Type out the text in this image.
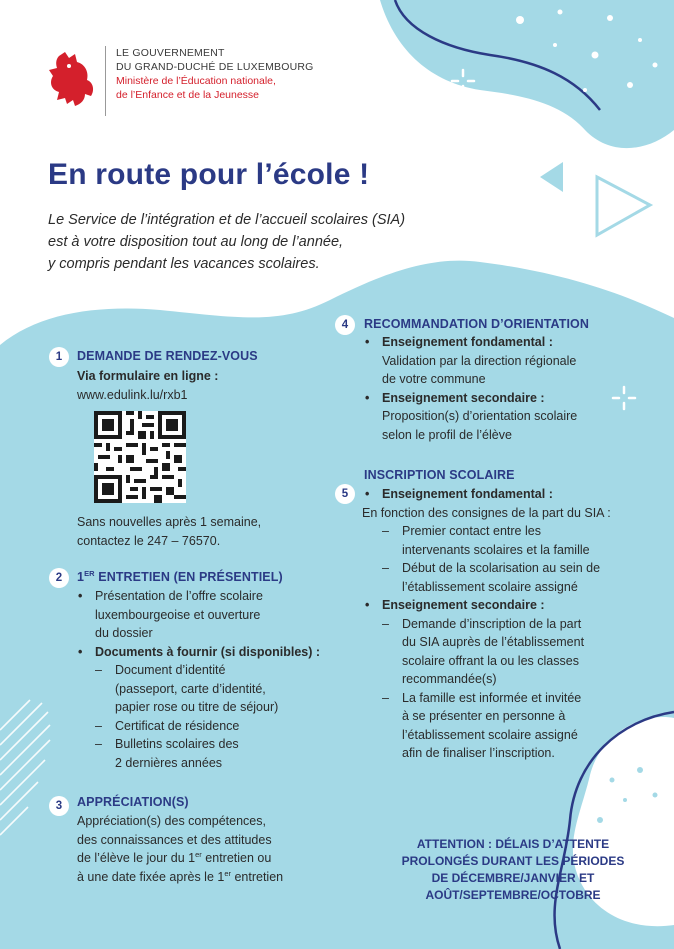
LE GOUVERNEMENT
DU GRAND-DUCHÉ DE LUXEMBOURG
Ministère de l’Éducation nationale,
de l’Enfance et de la Jeunesse
En route pour l’école !
Le Service de l’intégration et de l’accueil scolaires (SIA)
est à votre disposition tout au long de l’année,
y compris pendant les vacances scolaires.
1	DEMANDE DE RENDEZ-VOUS
Via formulaire en ligne :
www.edulink.lu/rxb1
Sans nouvelles après 1 semaine,
contactez le 247 – 76570.
2	1ER ENTRETIEN (EN PRÉSENTIEL)
• Présentation de l’offre scolaire
luxembourgeoise et ouverture
du dossier
• Documents à fournir (si disponibles) :
– Document d’identité
(passeport, carte d’identité,
papier rose ou titre de séjour)
– Certificat de résidence
– Bulletins scolaires des
2 dernières années
3	APPRÉCIATION(S)
Appréciation(s) des compétences,
des connaissances et des attitudes
de l’élève le jour du 1er entretien ou
à une date fixée après le 1er entretien
4	RECOMMANDATION D’ORIENTATION
• Enseignement fondamental :
Validation par la direction régionale
de votre commune
• Enseignement secondaire :
Proposition(s) d’orientation scolaire
selon le profil de l’élève
INSCRIPTION SCOLAIRE
5
•	Enseignement fondamental :
En fonction des consignes de la part du SIA :
– Premier contact entre les
intervenants scolaires et la famille
– Début de la scolarisation au sein de
l’établissement scolaire assigné
• Enseignement secondaire :
– Demande d’inscription de la part
du SIA auprès de l’établissement
scolaire offrant la ou les classes
recommandée(s)
– La famille est informée et invitée
à se présenter en personne à
l’établissement scolaire assigné
afin de finaliser l’inscription.
ATTENTION : DÉLAIS D’ATTENTE
PROLONGÉS DURANT LES PÉRIODES
DE DÉCEMBRE/JANVIER ET
AOÛT/SEPTEMBRE/OCTOBRE
